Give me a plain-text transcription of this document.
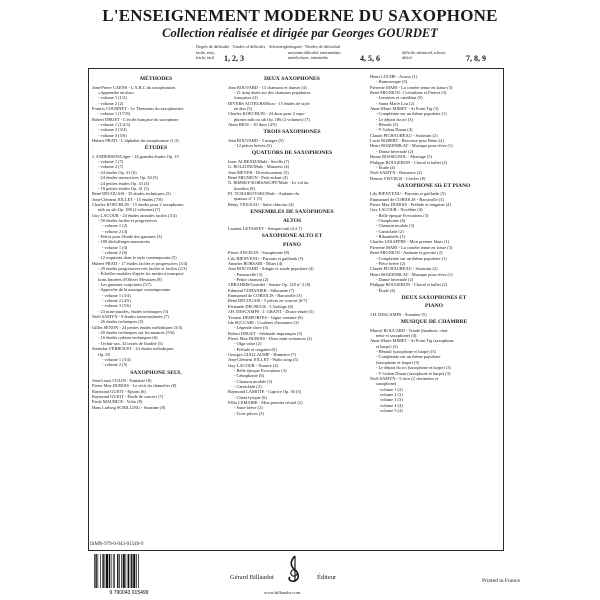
L'ENSEIGNEMENT MODERNE DU SAXOPHONE
Collection réalisée et dirigée par Georges GOURDET
Degrés de difficulté · Grades of difficulty · Schwierigkeitsgrad · Niveles de dificultad
facile, easy, leicht, fácil	1, 2, 3
moyenne difficulté, intermediate, mittelschwer, intermedio	4, 5, 6
difficile, advanced, schwer, difícil	7, 8, 9
MÉTHODES
Jean-Pierre CAENS - L'A.B.C du saxophoniste,
«Apprendre en duo»
- volume 1 (1/2)
- volume 2 (2)
Francis COURNET - Le Thesaurus du saxophoniste
- volume 1 (1/7/8)
Robert DRUET - L'école française du saxophone
- volume 1 (1/2/3)
- volume 2 (3/4)
- volume 3 (5/6)
Hubert PRATI - L'alphabet du saxophoniste (1/2)
ÉTUDES
J. ANDERSEN/Léger - 24 grandes études Op. 15
- volume 1 (7)
- volume 2 (7)
- 24 études Op. 21 (6)
- 24 études instructives Op. 30 (5)
- 24 petites études Op. 33 (4)
- 18 petites études Op. 41 (5)
René DECOUAIS - 35 études techniques (5)
Jean-Clément JOLLET - 15 études (7/8)
Charles KOECHLIN - 15 études pour 2 saxophones
mib ou sib Op. 188 (2 volumes) (7)
Guy LACOUR - 24 études atonales faciles (3/4)
- 50 études faciles et progressives
- volume 1 (2)
- volume 2 (4)
- Précis pour l'étude des gammes (3)
- 100 déchiffrages manuscrits
- volume 1 (4)
- volume 2 (6)
- 12 esquisses dans le style contemporain (5)
Hubert PRATI - 17 études faciles et progressives (3/4)
- 29 études progressives très faciles et faciles (2/3)
- Échelles modales d'après les modes à transposi-
tions limitées d'Olivier Messiaen (8)
- Les gammes conjointes (5/7)
- Approche de la musique contemporaine
- volume 1 (3/4)
- volume 2 (4/5)
- volume 3 (5/6)
- 23 mini-puzzles, études techniques (3)
Noël SAMYN - 9 études transcendantes (7)
- 26 études techniques (5)
Gilles SENON - 24 petites études mélodiques (3/4)
- 20 études techniques sur les nuances (5/6)
- 16 études rythmo-techniques (6)
- Techni-sax, 32 textes de fluidité (5)
Stanislas VERROUST - 24 études mélodiques
Op. 65
- volume 1 (3/4)
- volume 2 (5)
SAXOPHONE SEUL
Jean-Louis COLIN - Fantaisie (8)
Pierre Max DUBOIS - Le récit du chamelier (8)
Raymond GUIOT - Epsom (6)
Raymond GUIOT - Étude de concert (7)
Paule MAURICE - Volio (8)
Hans Ludwig SCHILLING - Sonatine (8)
DEUX SAXOPHONES
Jean BOUVARD - 13 chansons et danses (4)
- 21 mini duets sur des chansons populaires
françaises (2)
DIVERS AUTEURS/Riou - 15 études de style
en duo (5)
Charles KOECHLIN - 24 duos pour 2 sapo-
phones mib ou sib Op. 186 (2 volumes) (7)
Alain RIOU - 10 duos (4/5)
TROIS SAXOPHONES
Jean BOUVARD - 5 images (5)
- 12 pièces brèves (5)
QUATUORS DE SAXOPHONES
Isaac ALBENIZ/Mule - Sevilla (7)
G. BOLZONI/Mule - Minuetto (4)
Jean MEYER - Divertissement (5)
René MIGNION - Petit enfant (4)
N. RIMSKY-KORSAKOFF/Mule - Le vol du
bourdon (8)
P.I. TCHAIKOVSKI/Mule - Andante du
quatuor n° 1 (5)
Rémy VIOLEAU - Suite chinoise (4)
ENSEMBLES DE SAXOPHONES
ALTOS
Laurent LETASSEY - Sempre tutti (4 à 7)
SAXOPHONE ALTO ET
PIANO
Pierre ANCELIN - Saxophonie (8)
Lily BIENVENU - Paysans et gaillards (5)
Anneles BORSARI - Blues (4)
Jean BOUVARD - Adagio et ronde populaire (4)
- Pastourelle (3)
- Petite chanson (2)
J.BRAHMS/Gourdet - Sonate Op. 120 n° 2 (8)
Edmond COHANIER - Silhouette (7)
Emmanuel de CORIOLIS - Barcarolle (3)
René DECOUAIS - 5 pièces en concert (6/7)
Fernande DECRUCK - L'horloge (6)
J.H. DESCAMPS / J. GRANT - Douce étude (5)
Yvonne DESPORTES - Gigue variante (6)
Ida SUCCARI - Couleurs d'automne (3)
- Légende slave (3)
Robert DRUET - Sérénade impromptu (5)
Pierre Max DUBOIS - Deux mini-romances (2)
- Olga valse (2)
- Prélude et rengaine (6)
Georges GUILLAUME - Humenoi (7)
Jean-Clément JOLLET - Waltz song (3)
Guy LACOUR - Nuance (4)
- Belle époque Evocations (3)
- Cénophonie (6)
- Chanson modale (3)
- Canticlade (2)
Raymond LAMOTE - Caprice Op. 36 (5)
- Chant lyrique (6)
Félix LEMAIRE - Mon premier récital (2)
- Suite brève (2)
- Trois pièces (3)
Henri LOCHE - Arioso (1)
- Humoresque (5)
Pierrette MARI - La comète tenue en laisse (3)
René MIGNION - Colombine et Pierrot (3)
- Lumières et cantilène (5)
- Santa Marie Lou (2)
Anne-Marie MIMET - At Point Tig (3)
- Complainte sur un thème populaire (1)
- Le départ du roi (3)
- Hérault (3)
- Y Galem Druan (4)
Claude PICHAUREAU - Saximini (2)
Lucie ROBERT - Berceuse pour Rémi (2)
Henri ROIZENBLAT - Musique pour rêver (1)
- Danse hivernale (2)
Bruno ROSSIGNOL - Montage (5)
Philippe ROUGERON - Choral et ballet (2)
- Étude (4)
Noël SAMYN - Romance (2)
Dennis VISVIKIS - Cercles (8)
SAXOPHONE SI♭ ET PIANO
Lily BIENVENU - Paysans et gaillarde (5)
Emmanuel de CORIOLIS - Barcarolle (3)
Pierre Max DUBOIS - Prélude et rengaine (4)
Guy LACOUR - Nocéline (4)
- Belle époque Evocations (3)
- Ozraphonie (6)
- Chanson modale (3)
- Canticlade (2)
- Ribambelle (1)
Charles LESAFFRE - Mon premier blues (1)
Pierrette MARI - La comète tenue en laisse (3)
René MIGNION - Andante et gavotte (2)
- Complainte sur un thème populaire (1)
- Pièce brève (2)
Claude PICHAUREAU - Saximini (2)
Henri ROIZENBLAT - Musique pour rêver (1)
- Danse hivernale (2)
Philippe ROUGERON - Choral et ballet (2)
- Étude (4)
DEUX SAXOPHONES ET
PIANO
J.H. DESCAMPS - Sonatine (5)
MUSIQUE DE CHAMBRE
Marcel BOUCARD - Triade (hautbois, clari-
nette et saxophone) (4)
Anne-Marie MIMET - At Point Tig (saxophone
et harpe) (3)
- Hérault (saxophone et harpe) (3)
- Complainte sur un thème populaire
(saxophone et harpe) (3)
- Le départ du roi (saxophone et harpe) (3)
- Y Galem Druan (saxophone et harpe) (3)
Noël SAMYN - 5 trios (2 clarinettes et
saxophone)
volume 1 (2)
volume 2 (3)
volume 3 (3)
volume 4 (4)
volume 5 (4)
ISMN-979-0-043-01549-9
9 790043 015499
Gérard Billaudot	Éditeur
www.billaudot.com
Printed in France
